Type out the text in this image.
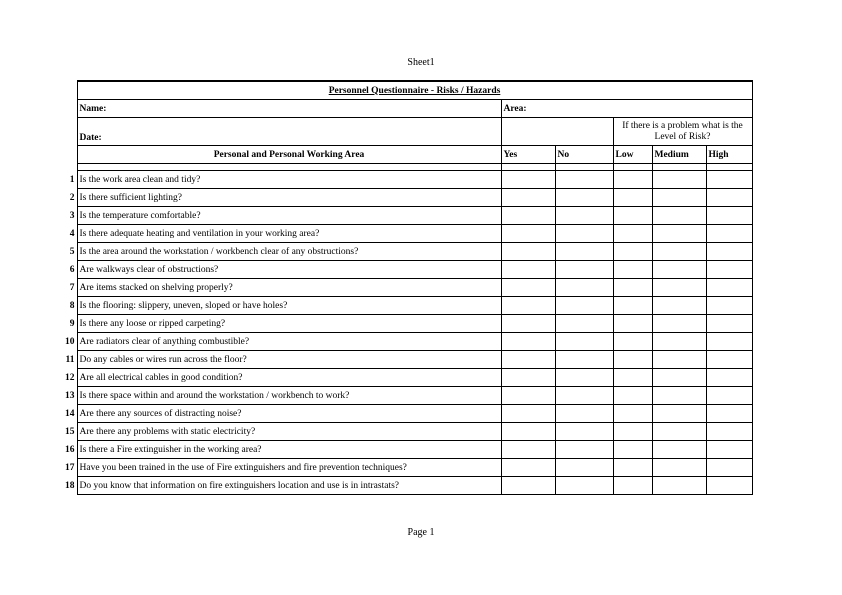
Sheet1
	Personnel Questionnaire - Risks / Hazards					
	Name:	Area:				
	Date:			If there is a problem what is the Level of Risk?		
	Personal and Personal Working Area	Yes	No	Low	Medium	High

1	Is the work area clean and tidy?					
2	Is there sufficient lighting?					
3	Is the temperature comfortable?					
4	Is there adequate heating and ventilation in your working area?					
5	Is the area around the workstation / workbench clear of any obstructions?					
6	Are walkways clear of obstructions?					
7	Are items stacked on shelving properly?					
8	Is the flooring: slippery, uneven, sloped or have holes?					
9	Is there any loose or ripped carpeting?					
10	Are radiators clear of anything combustible?					
11	Do any cables or wires run across the floor?					
12	Are all electrical cables in good condition?					
13	Is there space within and around the workstation / workbench to work?					
14	Are there any sources of distracting noise?					
15	Are there any problems with static electricity?					
16	Is there a Fire extinguisher in the working area?					
17	Have you been trained in the use of Fire extinguishers and fire prevention techniques?					
18	Do you know that information on fire extinguishers location and use is in intrastats?					
Page 1
